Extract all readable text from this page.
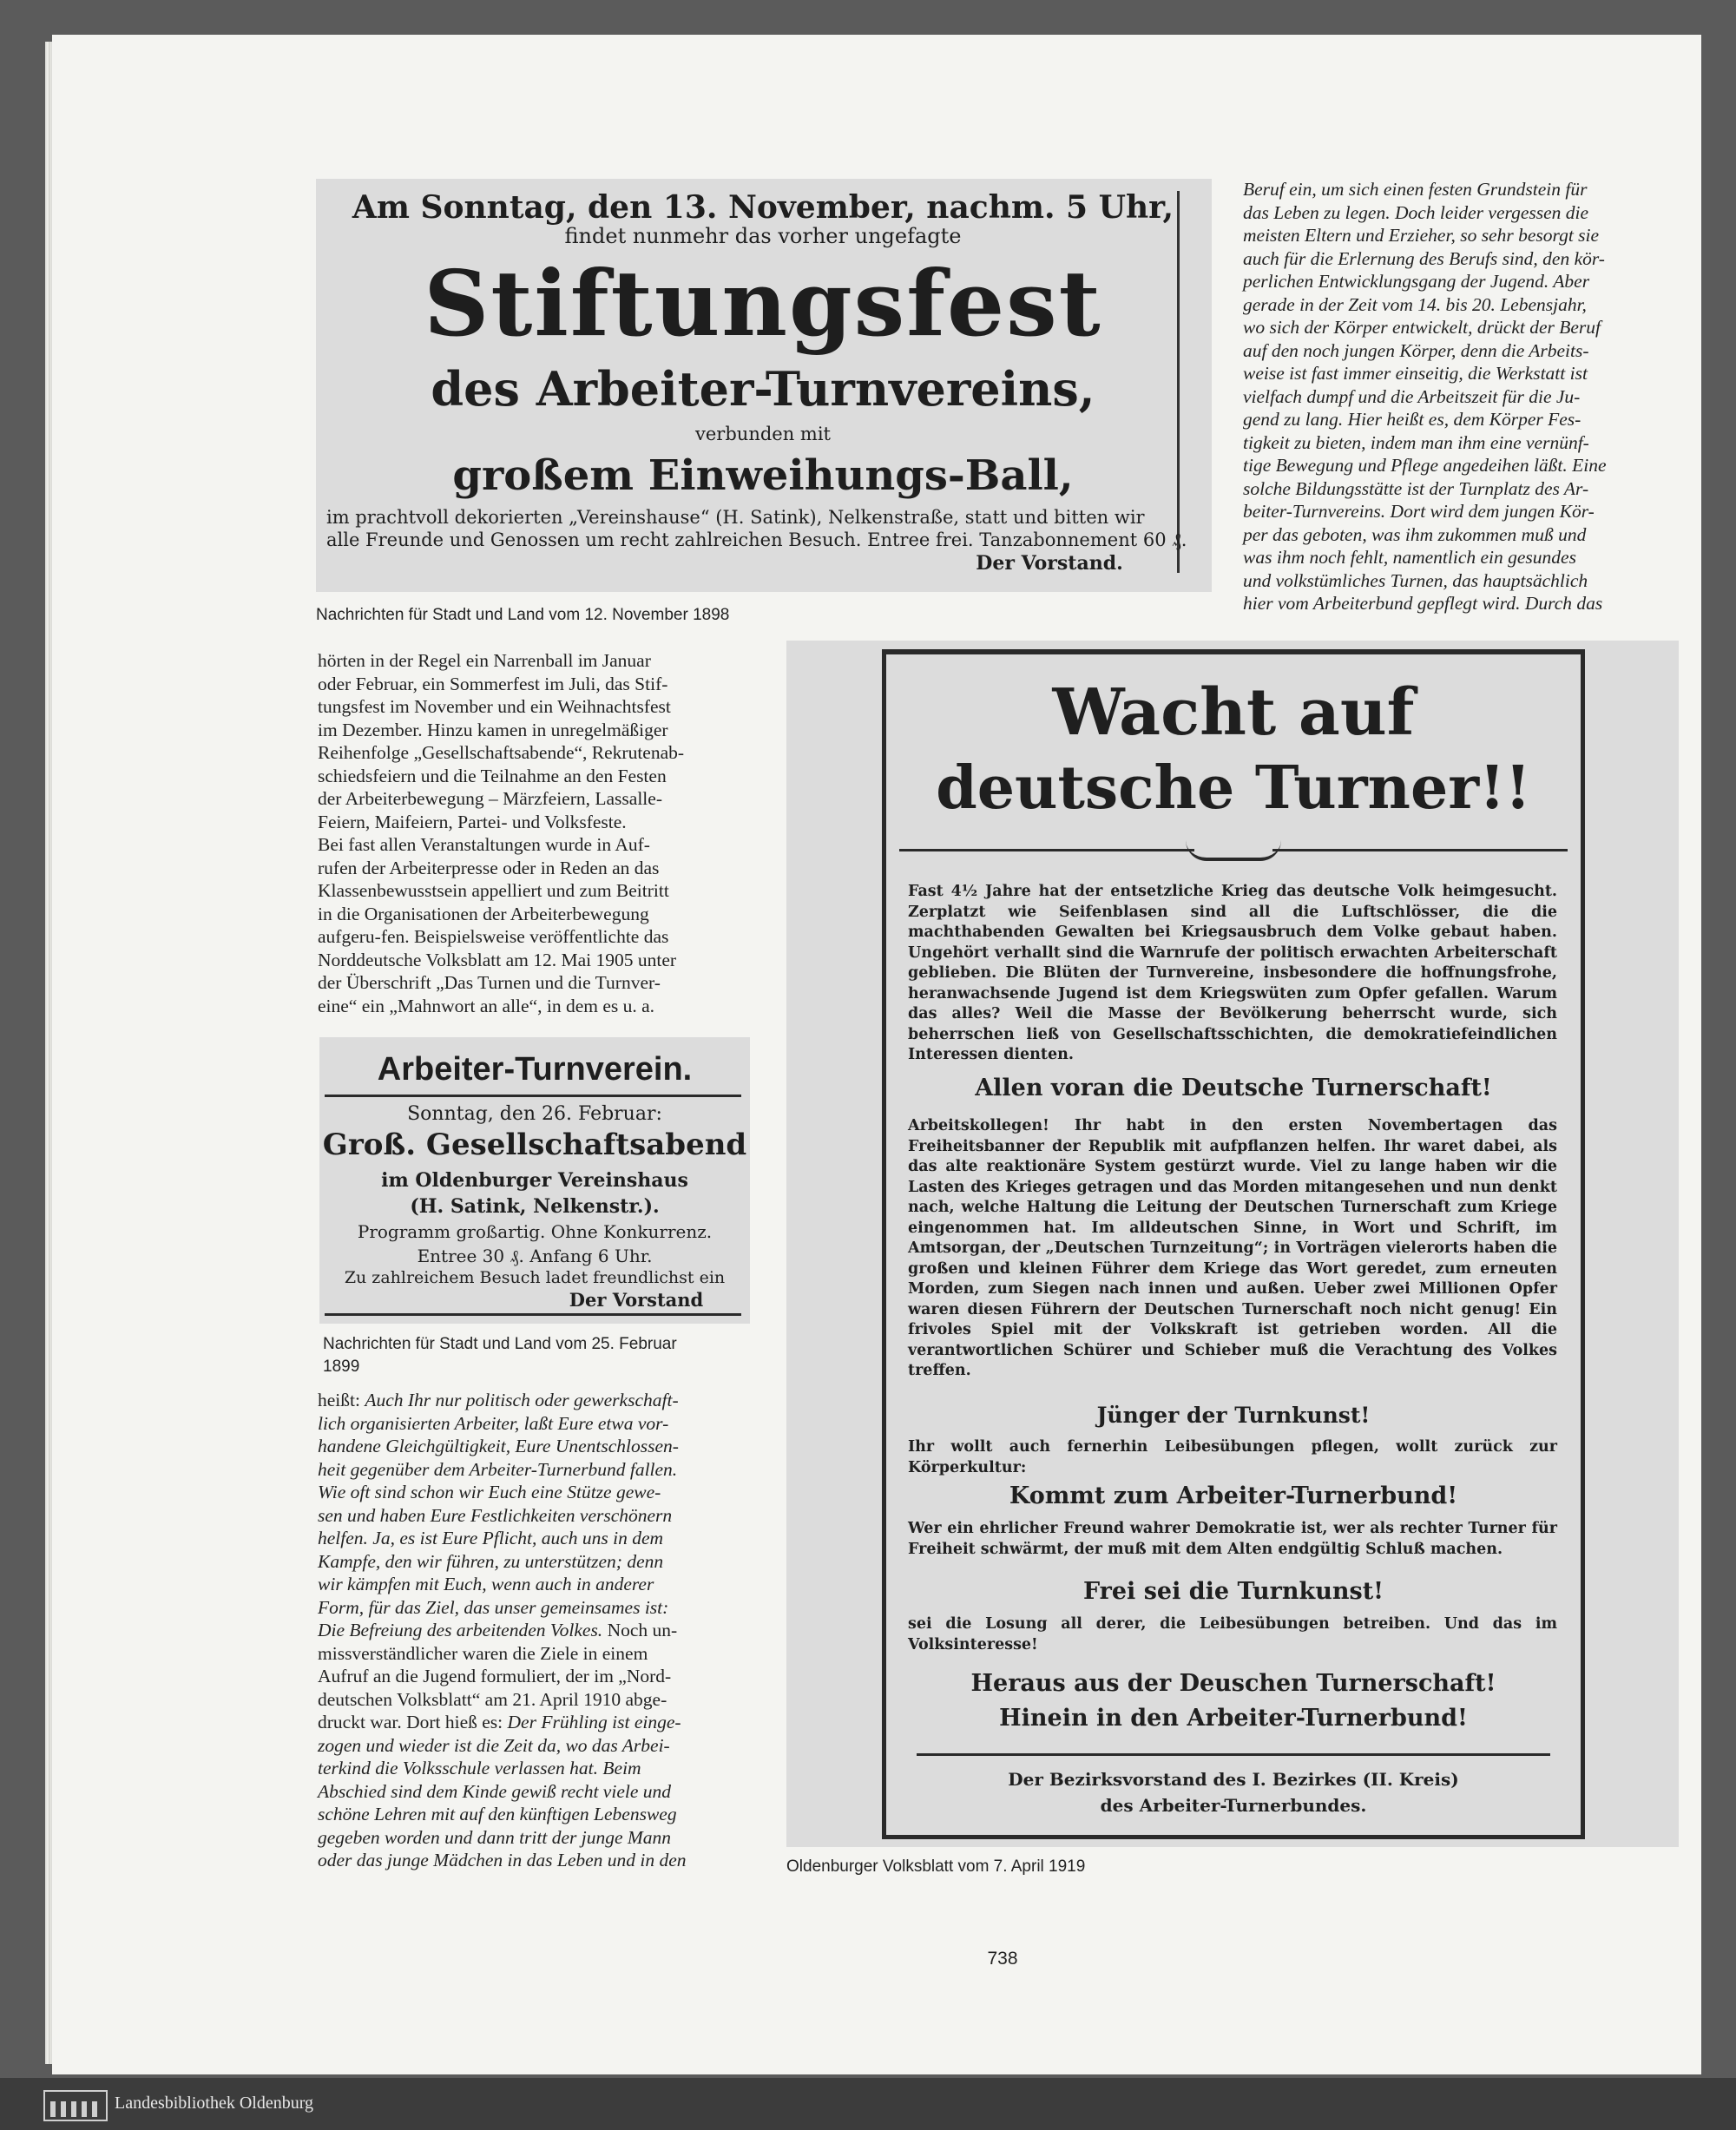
Am Sonntag, den 13. November, nachm. 5 Uhr,
findet nunmehr das vorher ungefagte
Stiftungsfest
des Arbeiter-Turnvereins,
verbunden mit
großem Einweihungs-Ball,
im prachtvoll dekorierten „Vereinshause“ (H. Satink), Nelkenstraße, statt und bitten wir
alle Freunde und Genossen um recht zahlreichen Besuch. Entree frei. Tanzabonnement 60 ₰.
Der Vorstand.
Nachrichten für Stadt und Land vom 12. November 1898
Beruf ein, um sich einen festen Grundstein für
das Leben zu legen. Doch leider vergessen die
meisten Eltern und Erzieher, so sehr besorgt sie
auch für die Erlernung des Berufs sind, den kör-
perlichen Entwicklungsgang der Jugend. Aber
gerade in der Zeit vom 14. bis 20. Lebensjahr,
wo sich der Körper entwickelt, drückt der Beruf
auf den noch jungen Körper, denn die Arbeits-
weise ist fast immer einseitig, die Werkstatt ist
vielfach dumpf und die Arbeitszeit für die Ju-
gend zu lang. Hier heißt es, dem Körper Fes-
tigkeit zu bieten, indem man ihm eine vernünf-
tige Bewegung und Pflege angedeihen läßt. Eine
solche Bildungsstätte ist der Turnplatz des Ar-
beiter-Turnvereins. Dort wird dem jungen Kör-
per das geboten, was ihm zukommen muß und
was ihm noch fehlt, namentlich ein gesundes
und volkstümliches Turnen, das hauptsächlich
hier vom Arbeiterbund gepflegt wird. Durch das
hörten in der Regel ein Narrenball im Januar
oder Februar, ein Sommerfest im Juli, das Stif-
tungsfest im November und ein Weihnachtsfest
im Dezember. Hinzu kamen in unregelmäßiger
Reihenfolge „Gesellschaftsabende“, Rekrutenab-
schiedsfeiern und die Teilnahme an den Festen
der Arbeiterbewegung – Märzfeiern, Lassalle-
Feiern, Maifeiern, Partei- und Volksfeste.
Bei fast allen Veranstaltungen wurde in Auf-
rufen der Arbeiterpresse oder in Reden an das
Klassenbewusstsein appelliert und zum Beitritt
in die Organisationen der Arbeiterbewegung
aufgeru-fen. Beispielsweise veröffentlichte das
Norddeutsche Volksblatt am 12. Mai 1905 unter
der Überschrift „Das Turnen und die Turnver-
eine“ ein „Mahnwort an alle“, in dem es u. a.
Arbeiter-Turnverein.
Sonntag, den 26. Februar:
Groß. Gesellschaftsabend
im Oldenburger Vereinshaus
(H. Satink, Nelkenstr.).
Programm großartig. Ohne Konkurrenz.
Entree 30 ₰. Anfang 6 Uhr.
Zu zahlreichem Besuch ladet freundlichst ein
Der Vorstand
Nachrichten für Stadt und Land vom 25. Februar
1899
heißt: Auch Ihr nur politisch oder gewerkschaft-
lich organisierten Arbeiter, laßt Eure etwa vor-
handene Gleichgültigkeit, Eure Unentschlossen-
heit gegenüber dem Arbeiter-Turnerbund fallen.
Wie oft sind schon wir Euch eine Stütze gewe-
sen und haben Eure Festlichkeiten verschönern
helfen. Ja, es ist Eure Pflicht, auch uns in dem
Kampfe, den wir führen, zu unterstützen; denn
wir kämpfen mit Euch, wenn auch in anderer
Form, für das Ziel, das unser gemeinsames ist:
Die Befreiung des arbeitenden Volkes. Noch un-
missverständlicher waren die Ziele in einem
Aufruf an die Jugend formuliert, der im „Nord-
deutschen Volksblatt“ am 21. April 1910 abge-
druckt war. Dort hieß es: Der Frühling ist einge-
zogen und wieder ist die Zeit da, wo das Arbei-
terkind die Volksschule verlassen hat. Beim
Abschied sind dem Kinde gewiß recht viele und
schöne Lehren mit auf den künftigen Lebensweg
gegeben worden und dann tritt der junge Mann
oder das junge Mädchen in das Leben und in den
Wacht auf
deutsche Turner!!
Fast 4½ Jahre hat der entsetzliche Krieg das deutsche Volk heimgesucht. Zerplatzt wie Seifenblasen sind all die Luftschlösser, die die machthabenden Gewalten bei Kriegsausbruch dem Volke gebaut haben. Ungehört verhallt sind die Warnrufe der politisch erwachten Arbeiterschaft geblieben. Die Blüten der Turnvereine, insbesondere die hoffnungsfrohe, heranwachsende Jugend ist dem Kriegswüten zum Opfer gefallen. Warum das alles? Weil die Masse der Bevölkerung beherrscht wurde, sich beherrschen ließ von Gesellschaftsschichten, die demokratiefeindlichen Interessen dienten.
Allen voran die Deutsche Turnerschaft!
Arbeitskollegen! Ihr habt in den ersten Novembertagen das Freiheitsbanner der Republik mit aufpflanzen helfen. Ihr waret dabei, als das alte reaktionäre System gestürzt wurde. Viel zu lange haben wir die Lasten des Krieges getragen und das Morden mitangesehen und nun denkt nach, welche Haltung die Leitung der Deutschen Turnerschaft zum Kriege eingenommen hat. Im alldeutschen Sinne, in Wort und Schrift, im Amtsorgan, der „Deutschen Turnzeitung“; in Vorträgen vielerorts haben die großen und kleinen Führer dem Kriege das Wort geredet, zum erneuten Morden, zum Siegen nach innen und außen. Ueber zwei Millionen Opfer waren diesen Führern der Deutschen Turnerschaft noch nicht genug! Ein frivoles Spiel mit der Volkskraft ist getrieben worden. All die verantwortlichen Schürer und Schieber muß die Verachtung des Volkes treffen.
Jünger der Turnkunst!
Ihr wollt auch fernerhin Leibesübungen pflegen, wollt zurück zur Körperkultur:
Kommt zum Arbeiter-Turnerbund!
Wer ein ehrlicher Freund wahrer Demokratie ist, wer als rechter Turner für Freiheit schwärmt, der muß mit dem Alten endgültig Schluß machen.
Frei sei die Turnkunst!
sei die Losung all derer, die Leibesübungen betreiben. Und das im Volksinteresse!
Heraus aus der Deuschen Turnerschaft!
Hinein in den Arbeiter-Turnerbund!
Der Bezirksvorstand des I. Bezirkes (II. Kreis)
des Arbeiter-Turnerbundes.
Oldenburger Volksblatt vom 7. April 1919
738
Landesbibliothek Oldenburg
